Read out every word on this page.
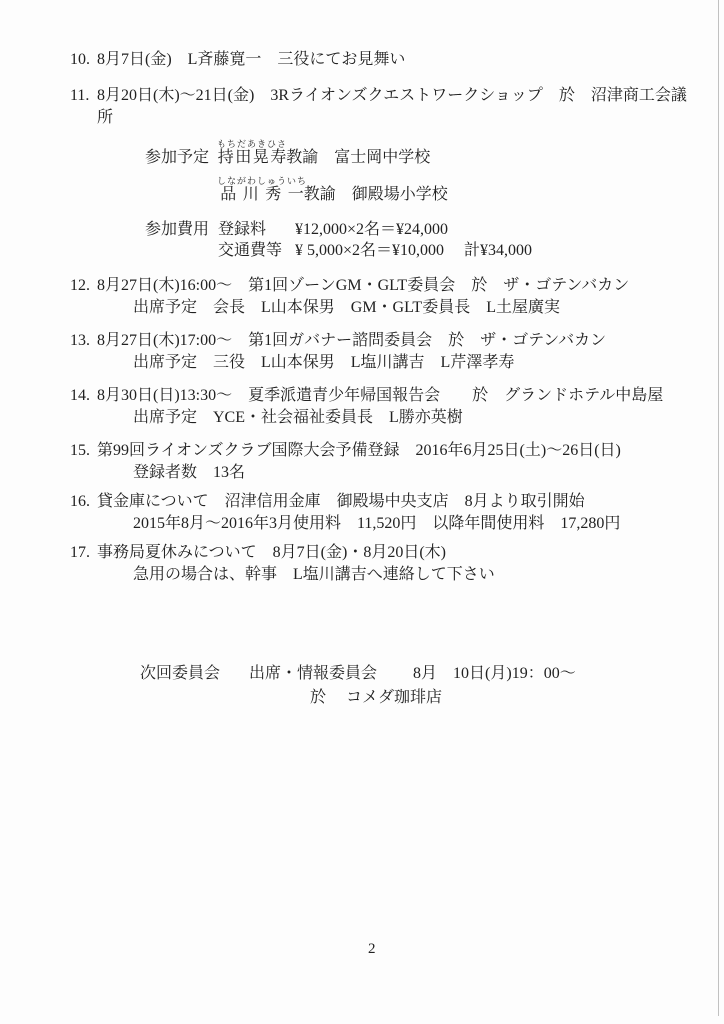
10. 8月7日(金)　L斉藤寛一　三役にてお見舞い
11. 8月20日(木)～21日(金)　3Rライオンズクエストワークショップ　於　沼津商工会議所
参加予定 持田晃寿もちだあきひさ教諭　富士岡中学校
品川秀一しながわしゅういち教諭　御殿場小学校
参加費用 登録料	¥12,000×2名＝¥24,000
交通費等 ¥ 5,000×2名＝¥10,000 計¥34,000
12. 8月27日(木)16:00～　第1回ゾーンGM・GLT委員会　於　ザ・ゴテンバカン
出席予定　会長　L山本保男　GM・GLT委員長　L土屋廣実
13. 8月27日(木)17:00～　第1回ガバナー諮問委員会　於　ザ・ゴテンバカン
出席予定　三役　L山本保男　L塩川講吉　L芹澤孝寿
14. 8月30日(日)13:30～　夏季派遣青少年帰国報告会　　於　グランドホテル中島屋
出席予定　YCE・社会福祉委員長　L勝亦英樹
15. 第99回ライオンズクラブ国際大会予備登録　2016年6月25日(土)～26日(日)
登録者数　13名
16. 貸金庫について　沼津信用金庫　御殿場中央支店　8月より取引開始
2015年8月～2016年3月使用料　11,520円　以降年間使用料　17,280円
17. 事務局夏休みについて　8月7日(金)・8月20日(木)
急用の場合は、幹事　L塩川講吉へ連絡して下さい
次回委員会 出席・情報委員会 8月　10日(月)19：00～
於 コメダ珈琲店
2
